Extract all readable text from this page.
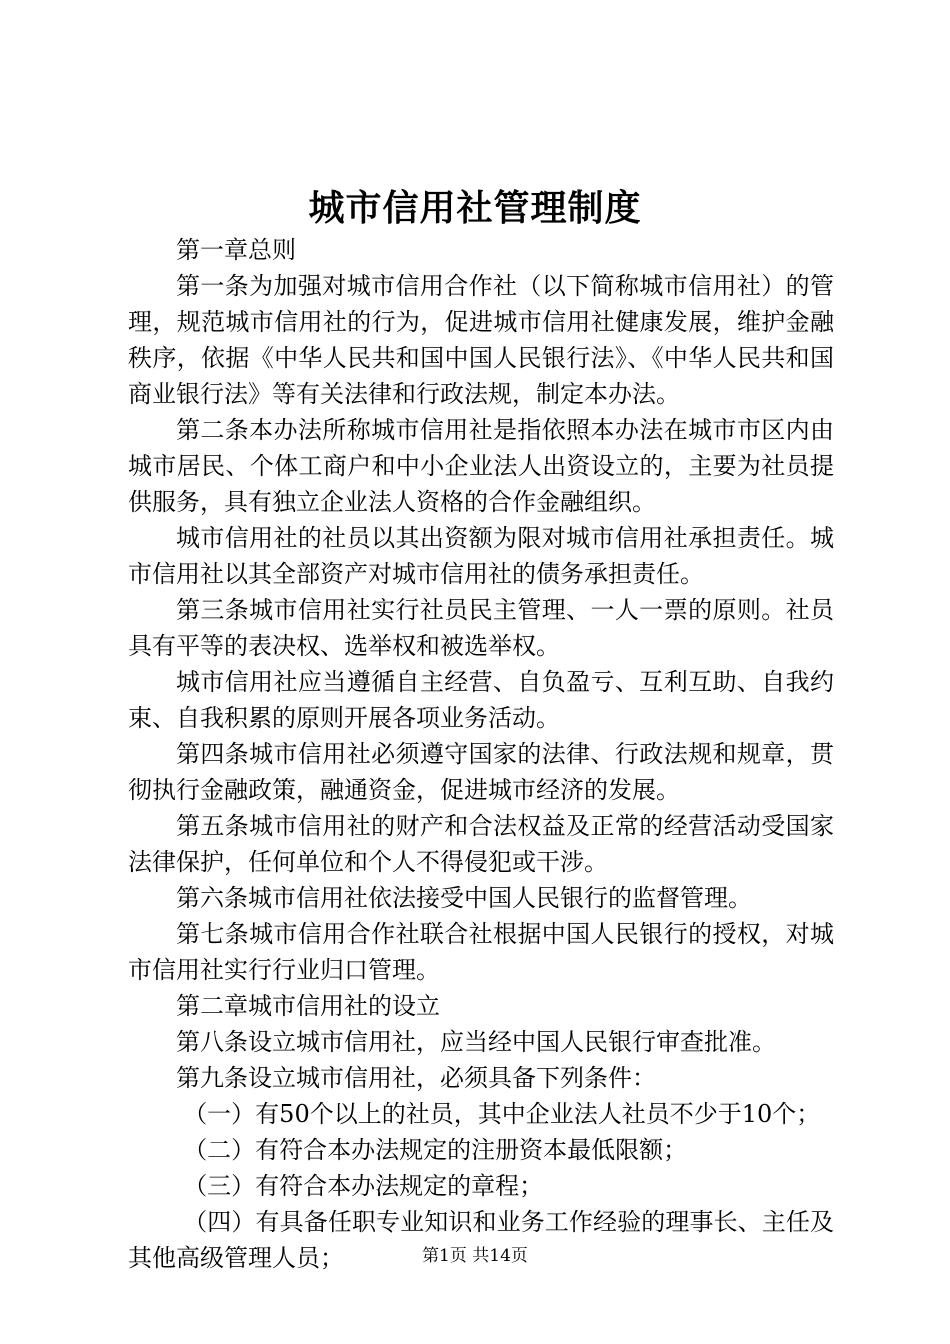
城市信用社管理制度

第一章总则

第一条为加强对城市信用合作社（以下简称城市信用社）的管理，规范城市信用社的行为，促进城市信用社健康发展，维护金融秩序，依据《中华人民共和国中国人民银行法》、《中华人民共和国商业银行法》等有关法律和行政法规，制定本办法。

第二条本办法所称城市信用社是指依照本办法在城市市区内由城市居民、个体工商户和中小企业法人出资设立的，主要为社员提供服务，具有独立企业法人资格的合作金融组织。

城市信用社的社员以其出资额为限对城市信用社承担责任。城市信用社以其全部资产对城市信用社的债务承担责任。

第三条城市信用社实行社员民主管理、一人一票的原则。社员具有平等的表决权、选举权和被选举权。

城市信用社应当遵循自主经营、自负盈亏、互利互助、自我约束、自我积累的原则开展各项业务活动。

第四条城市信用社必须遵守国家的法律、行政法规和规章，贯彻执行金融政策，融通资金，促进城市经济的发展。

第五条城市信用社的财产和合法权益及正常的经营活动受国家法律保护，任何单位和个人不得侵犯或干涉。

第六条城市信用社依法接受中国人民银行的监督管理。

第七条城市信用合作社联合社根据中国人民银行的授权，对城市信用社实行行业归口管理。

第二章城市信用社的设立

第八条设立城市信用社，应当经中国人民银行审查批准。

第九条设立城市信用社，必须具备下列条件：

（一）有50个以上的社员，其中企业法人社员不少于10个；

（二）有符合本办法规定的注册资本最低限额；

（三）有符合本办法规定的章程；

（四）有具备任职专业知识和业务工作经验的理事长、主任及其他高级管理人员；	第1页 共14页
